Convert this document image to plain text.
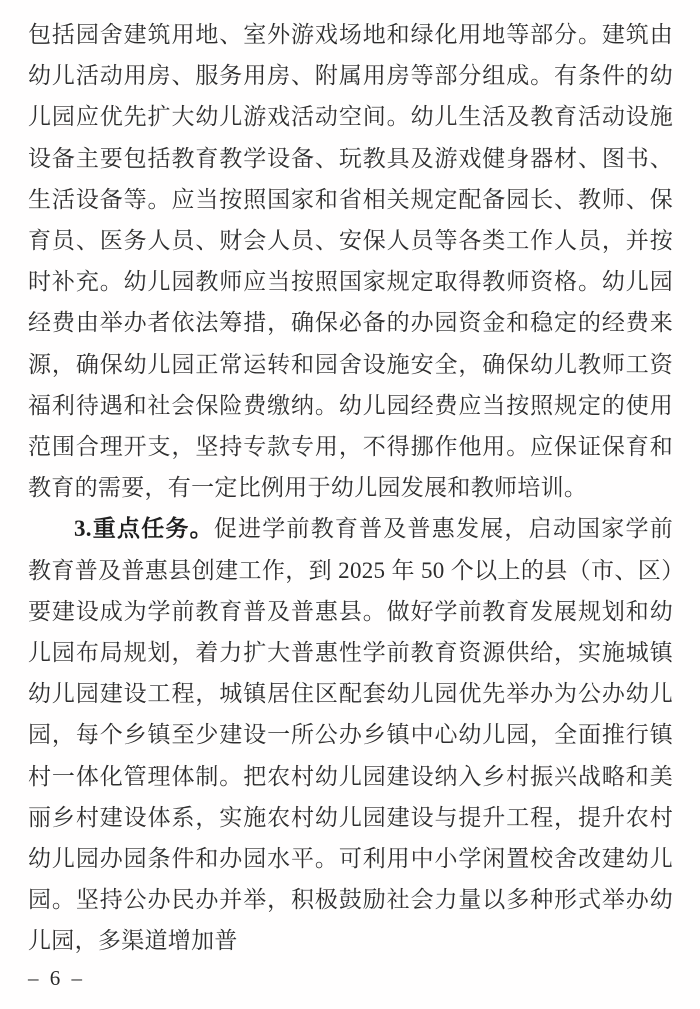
包括园舍建筑用地、室外游戏场地和绿化用地等部分。建筑由幼儿活动用房、服务用房、附属用房等部分组成。有条件的幼儿园应优先扩大幼儿游戏活动空间。幼儿生活及教育活动设施设备主要包括教育教学设备、玩教具及游戏健身器材、图书、生活设备等。应当按照国家和省相关规定配备园长、教师、保育员、医务人员、财会人员、安保人员等各类工作人员，并按时补充。幼儿园教师应当按照国家规定取得教师资格。幼儿园经费由举办者依法筹措，确保必备的办园资金和稳定的经费来源，确保幼儿园正常运转和园舍设施安全，确保幼儿教师工资福利待遇和社会保险费缴纳。幼儿园经费应当按照规定的使用范围合理开支，坚持专款专用，不得挪作他用。应保证保育和教育的需要，有一定比例用于幼儿园发展和教师培训。

3.重点任务。促进学前教育普及普惠发展，启动国家学前教育普及普惠县创建工作，到 2025 年 50 个以上的县（市、区）要建设成为学前教育普及普惠县。做好学前教育发展规划和幼儿园布局规划，着力扩大普惠性学前教育资源供给，实施城镇幼儿园建设工程，城镇居住区配套幼儿园优先举办为公办幼儿园，每个乡镇至少建设一所公办乡镇中心幼儿园，全面推行镇村一体化管理体制。把农村幼儿园建设纳入乡村振兴战略和美丽乡村建设体系，实施农村幼儿园建设与提升工程，提升农村幼儿园办园条件和办园水平。可利用中小学闲置校舍改建幼儿园。坚持公办民办并举，积极鼓励社会力量以多种形式举办幼儿园，多渠道增加普

– 6 –
